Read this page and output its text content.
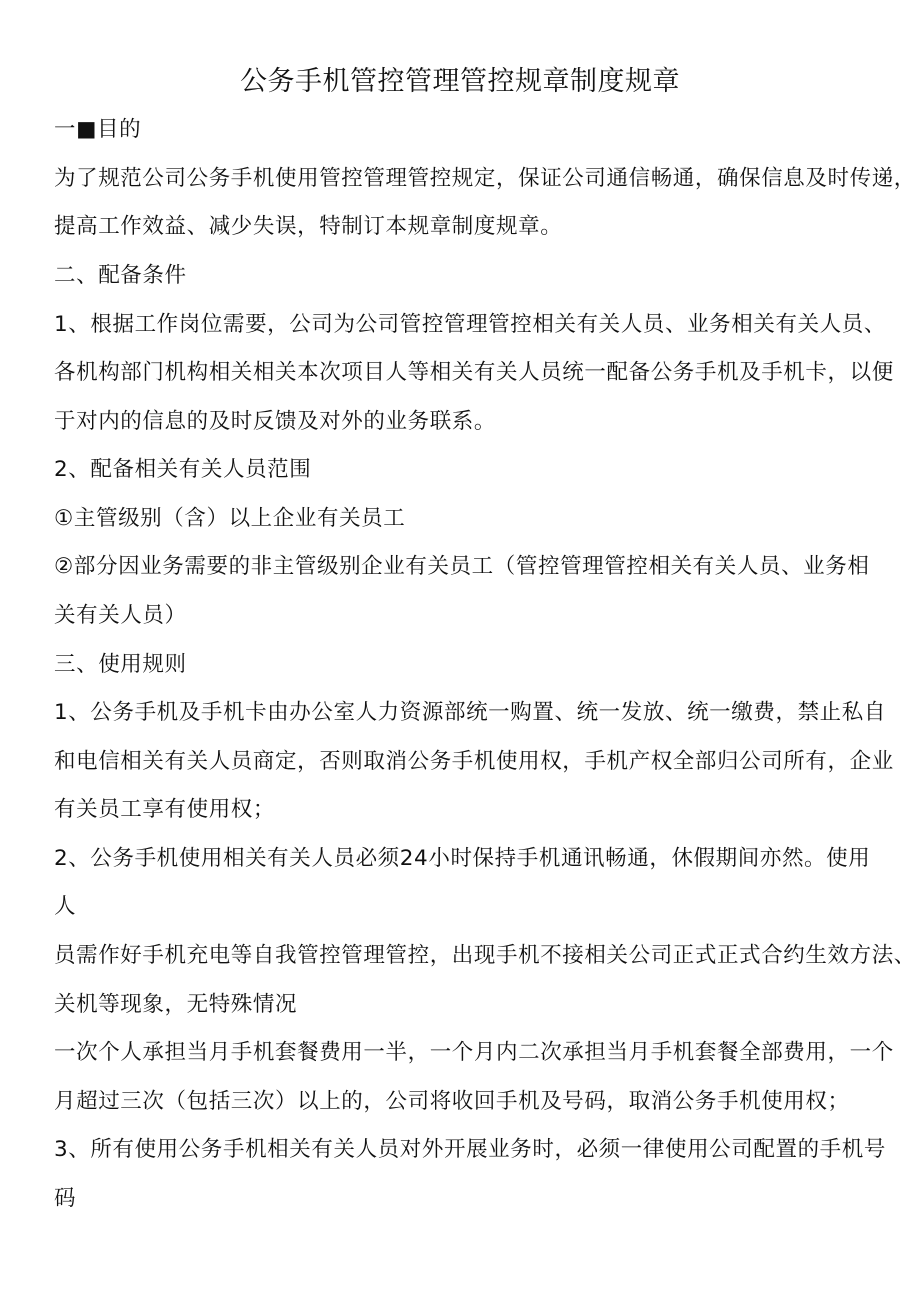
公务手机管控管理管控规章制度规章
一■目的
为了规范公司公务手机使用管控管理管控规定，保证公司通信畅通，确保信息及时传递，
提高工作效益、减少失误，特制订本规章制度规章。
二、配备条件
1、根据工作岗位需要，公司为公司管控管理管控相关有关人员、业务相关有关人员、
各机构部门机构相关相关本次项目人等相关有关人员统一配备公务手机及手机卡，以便
于对内的信息的及时反馈及对外的业务联系。
2、配备相关有关人员范围
①主管级别（含）以上企业有关员工
②部分因业务需要的非主管级别企业有关员工（管控管理管控相关有关人员、业务相
关有关人员）
三、使用规则
1、公务手机及手机卡由办公室人力资源部统一购置、统一发放、统一缴费，禁止私自
和电信相关有关人员商定，否则取消公务手机使用权，手机产权全部归公司所有，企业
有关员工享有使用权；
2、公务手机使用相关有关人员必须24小时保持手机通讯畅通，休假期间亦然。使用
人
员需作好手机充电等自我管控管理管控，出现手机不接相关公司正式正式合约生效方法、
关机等现象，无特殊情况
一次个人承担当月手机套餐费用一半，一个月内二次承担当月手机套餐全部费用，一个
月超过三次（包括三次）以上的，公司将收回手机及号码，取消公务手机使用权；
3、所有使用公务手机相关有关人员对外开展业务时，必须一律使用公司配置的手机号
码
